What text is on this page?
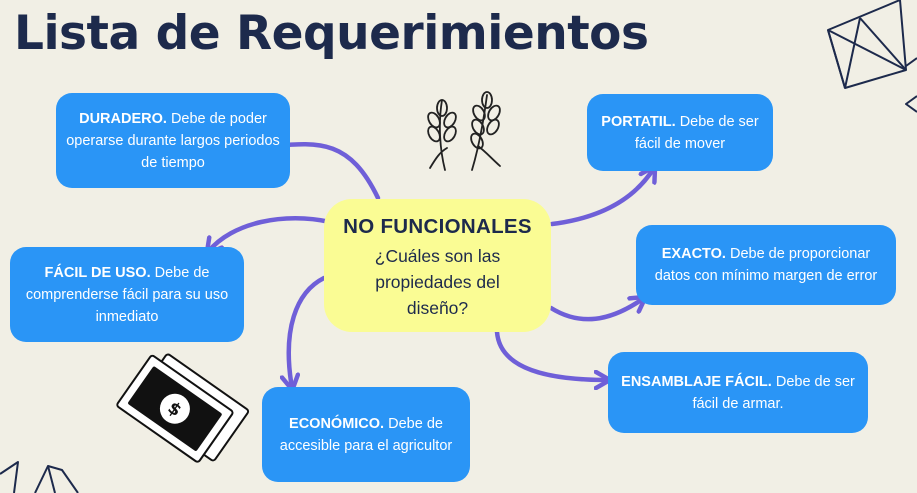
Lista de Requerimientos
$
DURADERO. Debe de poder operarse durante largos periodos de tiempo
FÁCIL DE USO. Debe de comprenderse fácil para su uso inmediato
ECONÓMICO. Debe de accesible para el agricultor
PORTATIL. Debe de ser fácil de mover
EXACTO. Debe de proporcionar datos con mínimo margen de error
ENSAMBLAJE FÁCIL. Debe de ser fácil de armar.
NO FUNCIONALES
¿Cuáles son las propiedades del diseño?
